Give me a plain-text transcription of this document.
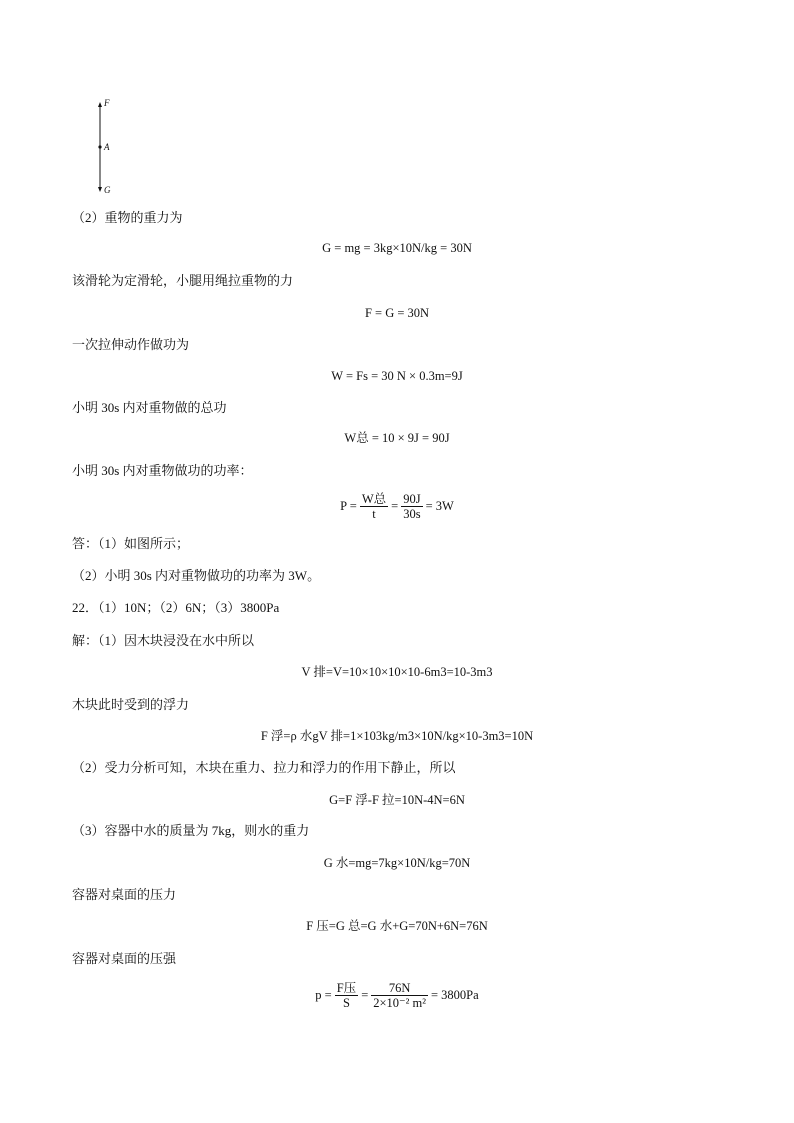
F
A
G
（2）重物的重力为
G = mg = 3kg×10N/kg = 30N
该滑轮为定滑轮，小腿用绳拉重物的力
F = G = 30N
一次拉伸动作做功为
W = Fs = 30 N × 0.3m=9J
小明 30s 内对重物做的总功
W总 = 10 × 9J = 90J
小明 30s 内对重物做功的功率：
$P = \frac{\text{W总}}{t} = \frac{90J}{30s} = 3W$
答：（1）如图所示；
（2）小明 30s 内对重物做功的功率为 3W。
22．（1）10N；（2）6N；（3）3800Pa
解：（1）因木块浸没在水中所以
V 排=V=10×10×10×10-6m3=10-3m3
木块此时受到的浮力
F 浮=ρ 水gV 排=1×103kg/m3×10N/kg×10-3m3=10N
（2）受力分析可知，木块在重力、拉力和浮力的作用下静止，所以
G=F 浮-F 拉=10N-4N=6N
（3）容器中水的质量为 7kg，则水的重力
G 水=mg=7kg×10N/kg=70N
容器对桌面的压力
F 压=G 总=G 水+G=70N+6N=76N
容器对桌面的压强
$p = \frac{\text{F压}}{S} = \frac{76N}{\text{2×10⁻² m²}} = 3800Pa$
